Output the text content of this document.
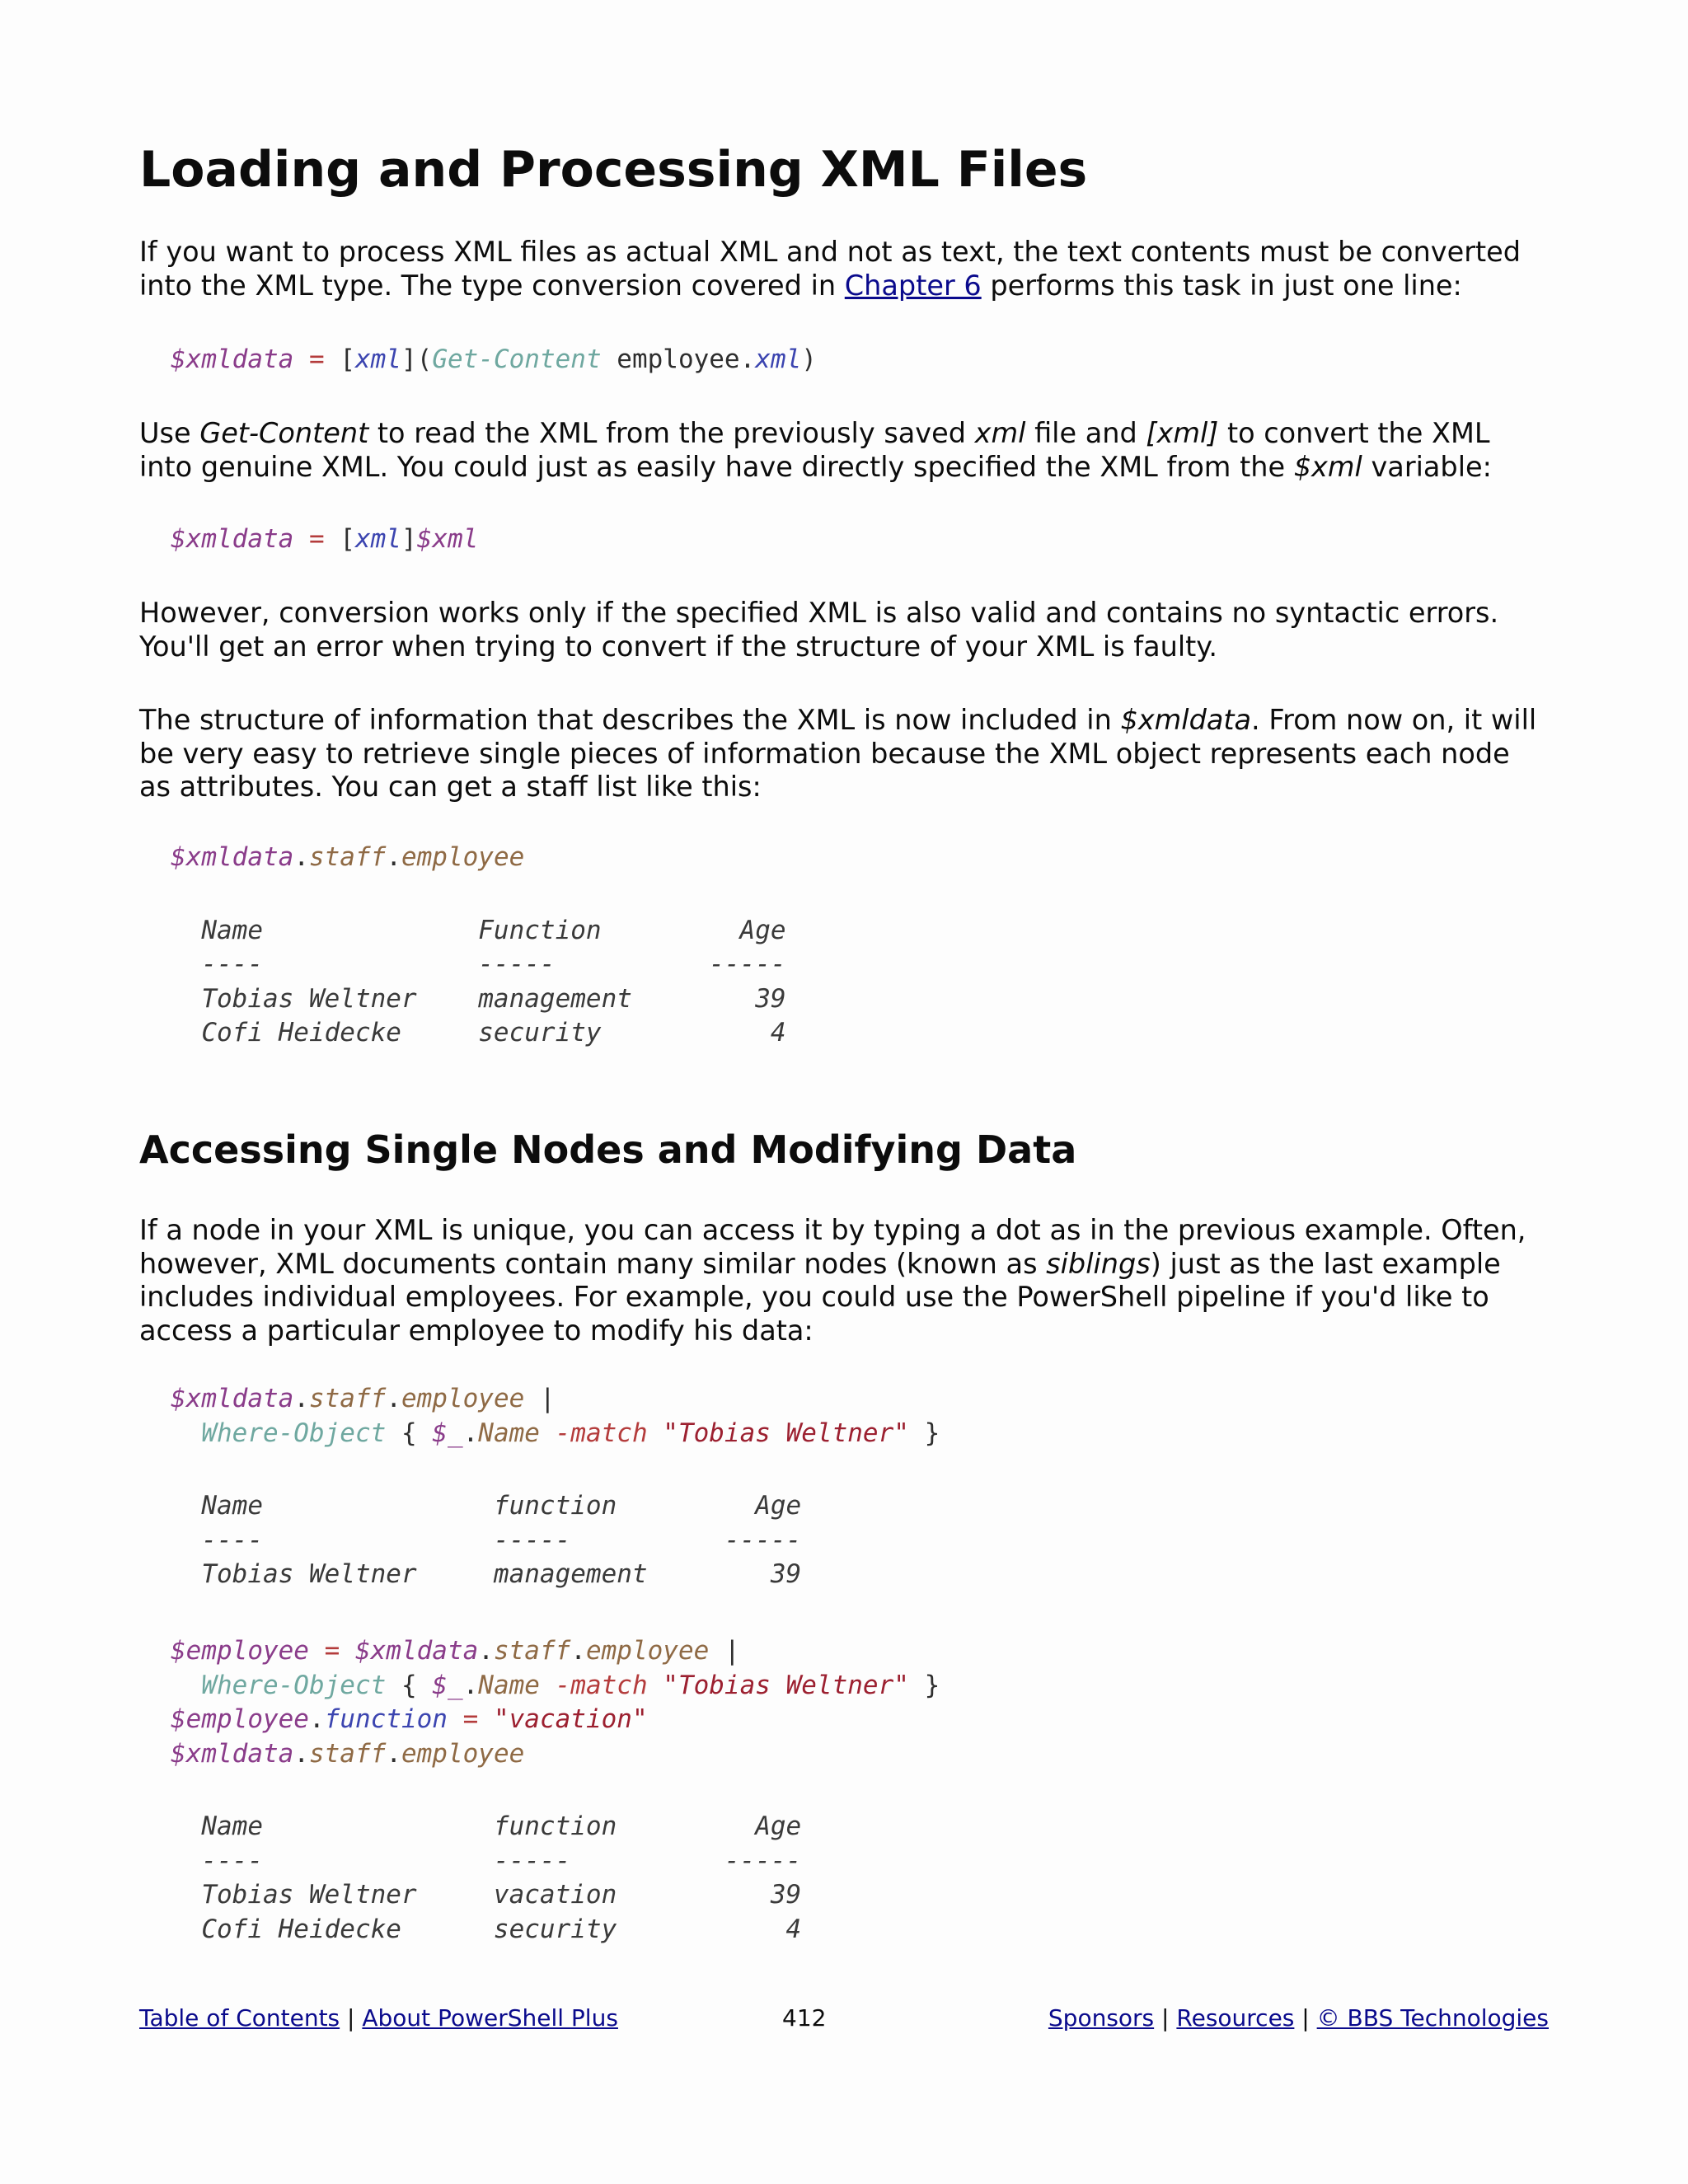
Loading and Processing XML Files

If you want to process XML files as actual XML and not as text, the text contents must be converted into the XML type. The type conversion covered in Chapter 6 performs this task in just one line:

$xmldata = [xml](Get-Content employee.xml)

Use Get-Content to read the XML from the previously saved xml file and [xml] to convert the XML into genuine XML. You could just as easily have directly specified the XML from the $xml variable:

$xmldata = [xml]$xml

However, conversion works only if the specified XML is also valid and contains no syntactic errors. You'll get an error when trying to convert if the structure of your XML is faulty.

The structure of information that describes the XML is now included in $xmldata. From now on, it will be very easy to retrieve single pieces of information because the XML object represents each node as attributes. You can get a staff list like this:

$xmldata.staff.employee
Name              Function         Age
----              -----          -----
Tobias Weltner    management        39
Cofi Heidecke     security           4
Accessing Single Nodes and Modifying Data

If a node in your XML is unique, you can access it by typing a dot as in the previous example. Often, however, XML documents contain many similar nodes (known as siblings) just as the last example includes individual employees. For example, you could use the PowerShell pipeline if you'd like to access a particular employee to modify his data:

$xmldata.staff.employee |
Where-Object { $_.Name -match "Tobias Weltner" }
Name               function         Age
----               -----          -----
Tobias Weltner     management        39
$employee = $xmldata.staff.employee |
Where-Object { $_.Name -match "Tobias Weltner" }
$employee.function = "vacation"
$xmldata.staff.employee
Name               function         Age
----               -----          -----
Tobias Weltner     vacation          39
Cofi Heidecke      security           4
Table of Contents | About PowerShell Plus	412	Sponsors | Resources | © BBS Technologies
